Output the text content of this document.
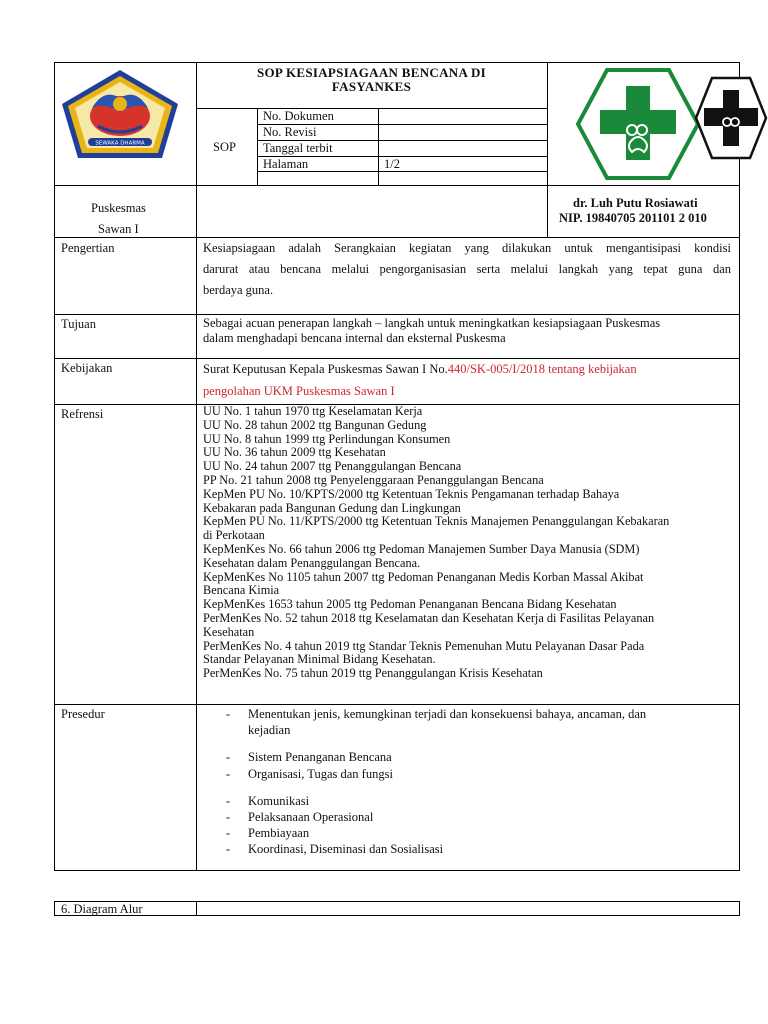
SEWAKA DHARMA
SOP KESIAPSIAGAAN BENCANA DI
FASYANKES
SOP
No. Dokumen
No. Revisi
Tanggal terbit
Halaman	1/2
Puskesmas
Sawan I
dr. Luh Putu Rosiawati
NIP. 19840705 201101 2 010
Pengertian	Kesiapsiagaan adalah Serangkaian kegiatan yang dilakukan untuk mengantisipasi kondisi
darurat atau bencana melalui pengorganisasian serta melalui langkah yang tepat guna dan
berdaya guna.
Tujuan	Sebagai acuan penerapan langkah – langkah untuk meningkatkan kesiapsiagaan Puskesmas
dalam menghadapi bencana internal dan eksternal Puskesma
Kebijakan	Surat Keputusan Kepala Puskesmas Sawan I No.440/SK-005/I/2018 tentang kebijakan
pengolahan UKM Puskesmas Sawan I
Refrensi	UU No. 1 tahun 1970 ttg Keselamatan Kerja
UU No. 28 tahun 2002 ttg Bangunan Gedung
UU No. 8 tahun 1999 ttg Perlindungan Konsumen
UU No. 36 tahun 2009 ttg Kesehatan
UU No. 24 tahun 2007 ttg Penanggulangan Bencana
PP No. 21 tahun 2008 ttg Penyelenggaraan Penanggulangan Bencana
KepMen PU No. 10/KPTS/2000 ttg Ketentuan Teknis Pengamanan terhadap Bahaya
Kebakaran pada Bangunan Gedung dan Lingkungan
KepMen PU No. 11/KPTS/2000 ttg Ketentuan Teknis Manajemen Penanggulangan Kebakaran
di Perkotaan
KepMenKes No. 66 tahun 2006 ttg Pedoman Manajemen Sumber Daya Manusia (SDM)
Kesehatan dalam Penanggulangan Bencana.
KepMenKes No 1105 tahun 2007 ttg Pedoman Penanganan Medis Korban Massal Akibat
Bencana Kimia
KepMenKes 1653 tahun 2005 ttg Pedoman Penanganan Bencana Bidang Kesehatan
PerMenKes No. 52 tahun 2018 ttg Keselamatan dan Kesehatan Kerja di Fasilitas Pelayanan
Kesehatan
PerMenKes No. 4 tahun 2019 ttg Standar Teknis Pemenuhan Mutu Pelayanan Dasar Pada
Standar Pelayanan Minimal Bidang Kesehatan.
PerMenKes No. 75 tahun 2019 ttg Penanggulangan Krisis Kesehatan
Presedur	- Menentukan jenis, kemungkinan terjadi dan konsekuensi bahaya, ancaman, dan
kejadian
- Sistem Penanganan Bencana
- Organisasi, Tugas dan fungsi
- Komunikasi
- Pelaksanaan Operasional
- Pembiayaan
- Koordinasi, Diseminasi dan Sosialisasi
6. Diagram Alur
